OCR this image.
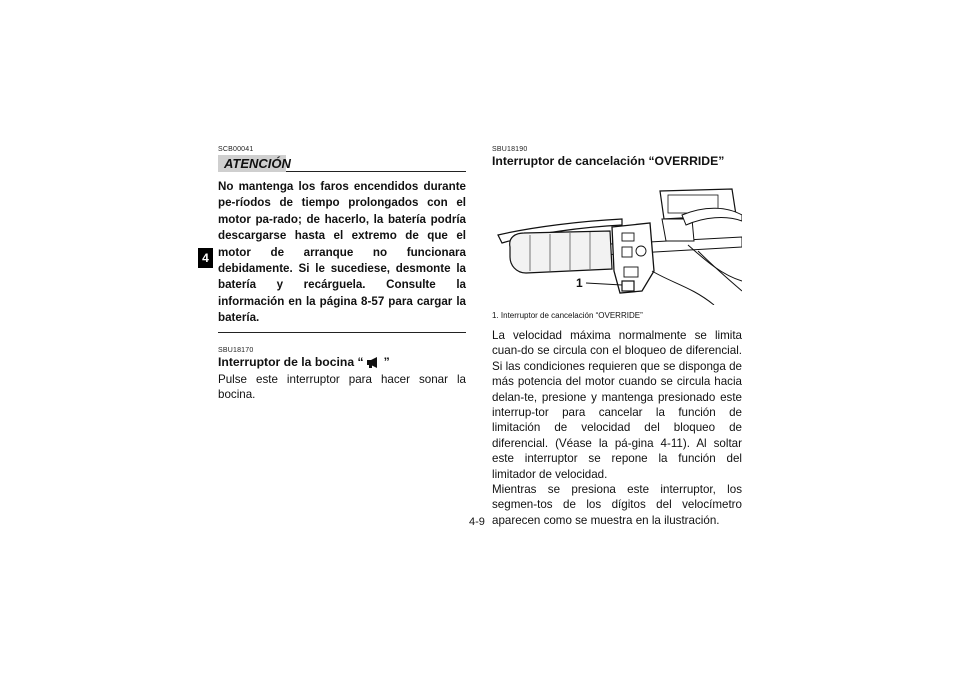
4
SCB00041
ATENCIÓN
No mantenga los faros encendidos durante pe-ríodos de tiempo prolongados con el motor pa-rado; de hacerlo, la batería podría descargarse hasta el extremo de que el motor de arranque no funcionara debidamente. Si le sucediese, desmonte la batería y recárguela. Consulte la información en la página 8-57 para cargar la batería.
SBU18170
Interruptor de la bocina “ ”
Pulse este interruptor para hacer sonar la bocina.
SBU18190
Interruptor de cancelación “OVERRIDE”
1
1. Interruptor de cancelación “OVERRIDE”

La velocidad máxima normalmente se limita cuan-do se circula con el bloqueo de diferencial. Si las condiciones requieren que se disponga de más potencia del motor cuando se circula hacia delan-te, presione y mantenga presionado este interrup-tor para cancelar la función de limitación de velocidad del bloqueo de diferencial. (Véase la pá-gina 4-11). Al soltar este interruptor se repone la función del limitador de velocidad.

Mientras se presiona este interruptor, los segmen-tos de los dígitos del velocímetro aparecen como se muestra en la ilustración.

4-9
